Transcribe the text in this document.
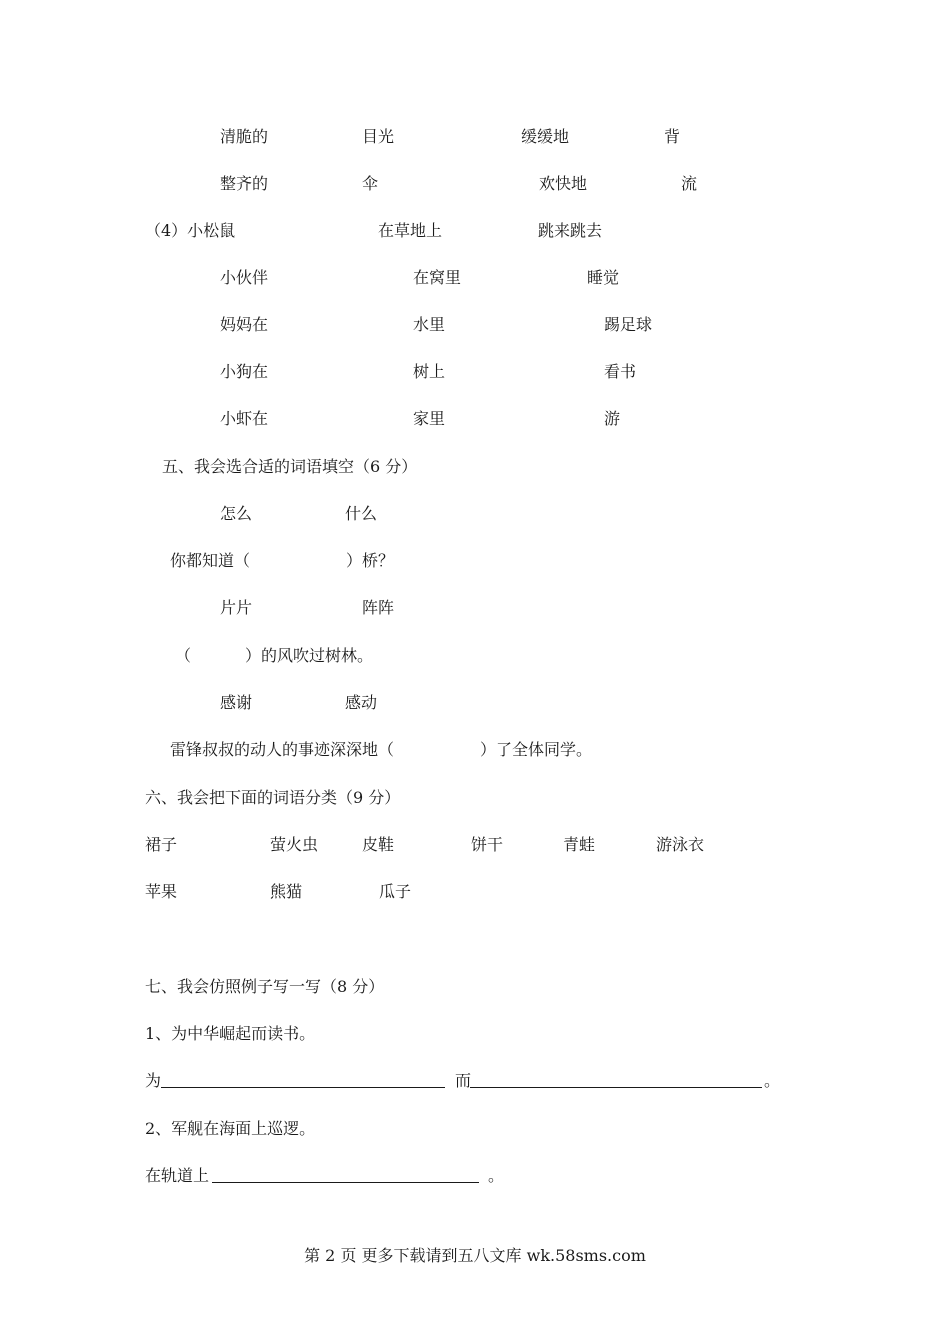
清脆的	目光	缓缓地	背
整齐的	伞	欢快地	流
（4）小松鼠	在草地上	跳来跳去
小伙伴	在窝里	睡觉
妈妈在	水里	踢足球
小狗在	树上	看书
小虾在	家里	游
五、我会选合适的词语填空（6 分）
怎么	什么
你都知道（	）桥？
片片	阵阵
（	）的风吹过树林。
感谢	感动
雷锋叔叔的动人的事迹深深地（	）了全体同学。
六、我会把下面的词语分类（9 分）
裙子	萤火虫	皮鞋	饼干	青蛙	游泳衣
苹果	熊猫	瓜子
七、我会仿照例子写一写（8 分）
1、为中华崛起而读书。
为	而	。
2、军舰在海面上巡逻。
在轨道上	。
第 2 页 更多下载请到五八文库 wk.58sms.com
